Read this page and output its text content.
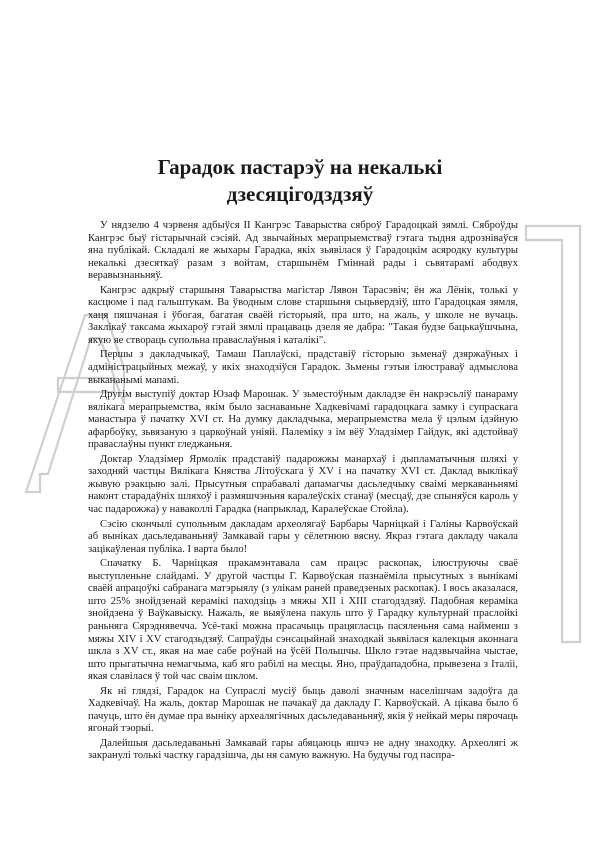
Гарадок пастарэў на некалькі дзесяцігодздзяў

У нядзелю 4 чэрвеня адбыўся ІІ Кангрэс Таварыства сяброў Гарадоцкай зямлі. Сяброўды Кангрэс быў гістарычнай сэсіяй. Ад звычайных мерапрыемстваў гэтага тыдня адрозніваўся яна публікай. Складалі яе жыхары Гарадка, якіх зьявілася ў Гарадоцкім асяродку культуры некалькі дзесяткаў разам з войтам, старшынём Гміннай рады і сьвятарамі абодвух веравызнаньняў.

Кангрэс адкрыў старшыня Таварыства магістар Лявон Тарасэвіч; ён жа Лёнік, толькі у касцюме і пад гальштукам. Ва ўводным слове старшыня сьцьвердзіў, што Гарадоцкая зямля, хаця пяшчаная і ўбогая, багатая сваёй гісторыяй, пра што, на жаль, у школе не вучаць. Заклікаў таксама жыхароў гэтай зямлі працаваць дзеля яе дабра: "Такая будзе бацькаўшчына, якую яе створаць супольна праваслаўныя і каталікі".

Першы з дакладчыкаў, Тамаш Паплаўскі, прадставіў гісторыю зьменаў дзяржаўных і адміністрацыйных межаў, у якіх знаходзіўся Гарадок. Зьмены гэтыя ілюстраваў адмыслова выкананымі мапамі.

Другім выступіў доктар Юзаф Марошак. У зьместоўным дакладзе ён накрэсьліў панараму вялікага мерапрыемства, якім было заснаваньне Хадкевічамі гарадоцкага замку і супраскага манастыра ў пачатку XVI ст. На думку дакладчыка, мерапрыемства мела ў цэлым ідэйную афарбоўку, зьвязаную з царкоўнай уніяй. Палеміку з ім вёў Уладзімер Гайдук, які адстойваў праваслаўны пункт гледжаньня.

Доктар Уладзімер Ярмолік прадставіў падарожжы манархаў і дыпламатычныя шляхі у заходняй частцы Вялікага Княства Літоўскага ў XV і на пачатку XVI ст. Даклад выклікаў жывую рэакцыю залі. Прысутныя спрабавалі дапамагчы дасьледчыку сваімі меркаваньнямі наконт старадаўніх шляхоў і размяшчэньня каралеўскіх станаў (месцаў, дзе спыняўся кароль у час падарожжа) у наваколлі Гарадка (напрыклад, Каралеўскае Стойла).

Сэсію скончылі супольным дакладам археолягаў Барбары Чарніцкай і Галіны Карвоўскай аб выніках дасьледаваньняў Замкавай гары у сёлетнюю вясну. Якраз гэтага дакладу чакала зацікаўленая публіка. І варта было!

Спачатку Б. Чарніцкая пракамэнтавала сам працэс раскопак, ілюструючы сваё выступленьне слайдамі. У другой частцы Г. Карвоўская пазнаёміла прысутных з вынікамі сваёй апрацоўкі сабранага матэрыялу (з улікам раней праведзеных раскопак). І вось аказалася, што 25% знойдзенай керамікі паходзіць з мяжы XII і XIII стагодздзяў. Падобная кераміка знойдзена ў Ваўкавыску. Нажаль, яе выяўлена пакуль што ў Гарадку культурнай праслойкі раньняга Сярэднявечча. Усё-такі можна прасачыць працягласць пасяленьня сама найменш з мяжы XIV і XV стагодзьдзяў. Сапраўды сэнсацыйнай знаходкай зьявілася калекцыя аконнага шкла з XV ст., якая на мае сабе роўнай на ўсёй Польшчы. Шкло гэтае надзвычайна чыстае, што прыгатычна немагчыма, каб яго рабілі на месцы. Яно, праўдападобна, прывезена з Італіі, якая славілася ў той час сваім шклом.

Як ні глядзі, Гарадок на Супраслі мусіў быць даволі значным населішчам задоўга да Хадкевічаў. На жаль, доктар Марошак не пачакаў да дакладу Г. Карвоўскай. А цікава было б пачуць, што ён думае пра выніку археалягічных дасьледаваньняў, якія ў нейкай меры пярочаць ягонай тэорыі.

Далейшыя дасьледаваньні Замкавай гары абяцаюць яшчэ не адну знаходку. Археолягі ж закранулі толькі частку гарадзішча, ды ня самую важную. На будучы год паспра-
